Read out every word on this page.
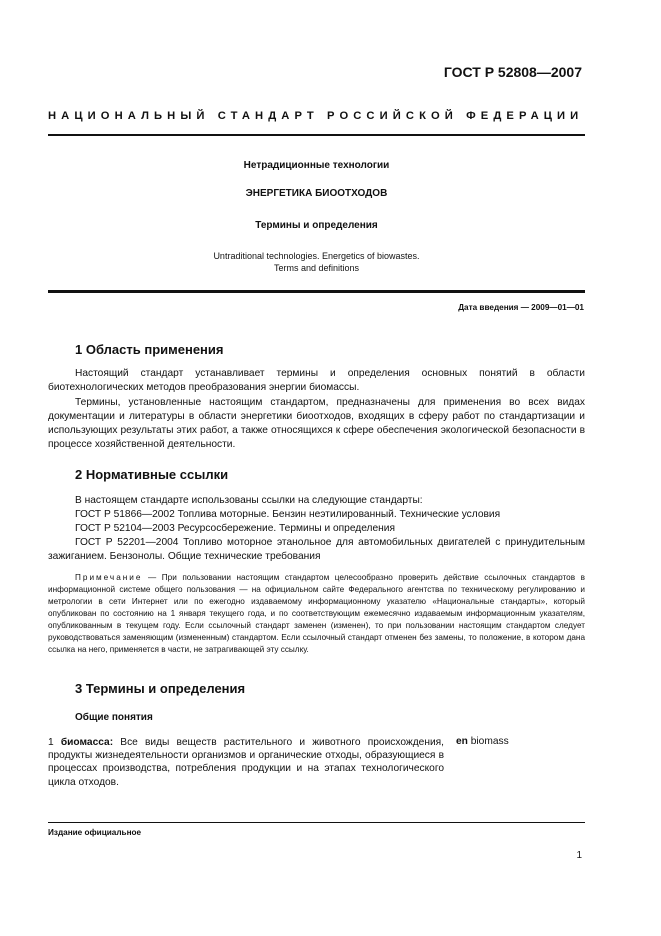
ГОСТ Р 52808—2007
НАЦИОНАЛЬНЫЙ СТАНДАРТ РОССИЙСКОЙ ФЕДЕРАЦИИ
Нетрадиционные технологии
ЭНЕРГЕТИКА БИООТХОДОВ
Термины и определения
Untraditional technologies. Energetics of biowastes.
Terms and definitions
Дата введения — 2009—01—01
1 Область применения
Настоящий стандарт устанавливает термины и определения основных понятий в области биотехнологических методов преобразования энергии биомассы.
Термины, установленные настоящим стандартом, предназначены для применения во всех видах документации и литературы в области энергетики биоотходов, входящих в сферу работ по стандартизации и использующих результаты этих работ, а также относящихся к сфере обеспечения экологической безопасности в процессе хозяйственной деятельности.
2 Нормативные ссылки
В настоящем стандарте использованы ссылки на следующие стандарты:
ГОСТ Р 51866—2002 Топлива моторные. Бензин неэтилированный. Технические условия
ГОСТ Р 52104—2003 Ресурсосбережение. Термины и определения
ГОСТ Р 52201—2004 Топливо моторное этанольное для автомобильных двигателей с принудительным зажиганием. Бензонолы. Общие технические требования
Примечание — При пользовании настоящим стандартом целесообразно проверить действие ссылочных стандартов в информационной системе общего пользования — на официальном сайте Федерального агентства по техническому регулированию и метрологии в сети Интернет или по ежегодно издаваемому информационному указателю «Национальные стандарты», который опубликован по состоянию на 1 января текущего года, и по соответствующим ежемесячно издаваемым информационным указателям, опубликованным в текущем году. Если ссылочный стандарт заменен (изменен), то при пользовании настоящим стандартом следует руководствоваться заменяющим (измененным) стандартом. Если ссылочный стандарт отменен без замены, то положение, в котором дана ссылка на него, применяется в части, не затрагивающей эту ссылку.
3 Термины и определения
Общие понятия
1 биомасса: Все виды веществ растительного и животного происхождения, продукты жизнедеятельности организмов и органические отходы, образующиеся в процессах производства, потребления продукции и на этапах технологического цикла отходов.
en biomass
Издание официальное
1
